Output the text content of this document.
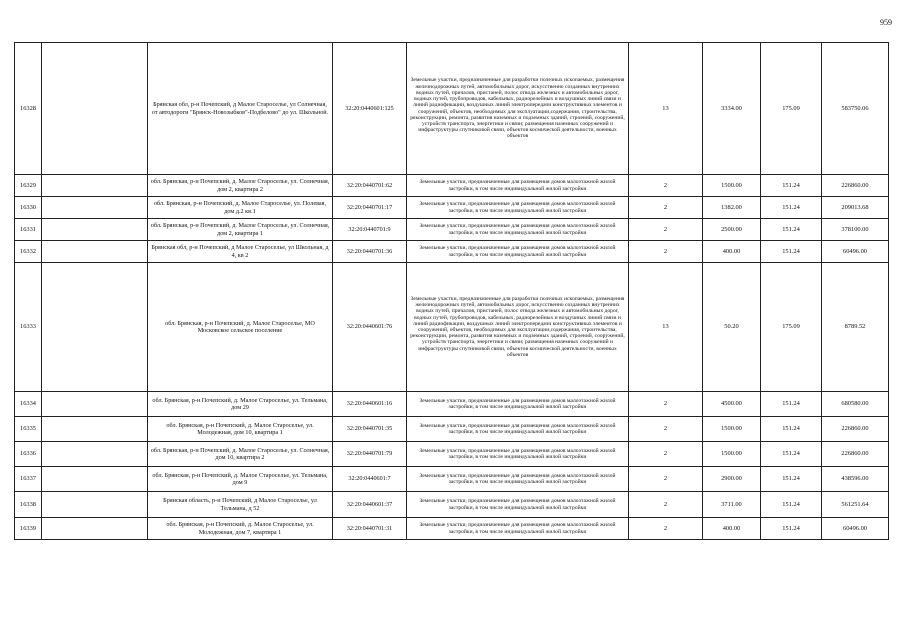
959
16328		Брянская обл, р-н Почепский, д Малое Старосельe, ул Солнечная, от автодороги "Брянск-Новозыбков"-Подбелово" до ул. Школьной.	32:20:0440601:125	Земельные участки, предназначенные для разработки полезных ископаемых, размещения железнодорожных путей, автомобильных дорог, искусственно созданных внутренних водных путей, причалов, пристаней, полос отвода железных и автомобильных дорог, водных путей, трубопроводов, кабельных, радиорелейных и воздушных линий связи и линий радиофикации, воздушных линий электропередачи конструктивных элементов и сооружений, объектов, необходимых для эксплуатации,содержания, строительства, реконструкции, ремонта, развития наземных и подземных зданий, строений, сооружений, устройств транспорта, энергетики и связи; размещения наземных сооружений и инфраструктуры спутниковой связи, объектов космической деятельности, военных объектов	13	3334.00	175.09	583750.06
16329		обл. Брянская, р-н Почепский, д. Малое Старосельe, ул. Солнечная, дом 2, квартира 2	32:20:0440701:62	Земельные участки, предназначенные для размещения домов малоэтажной жилой застройки, в том числе индивидуальной жилой застройки	2	1500.00	151.24	226860.00
16330		обл. Брянская, р-н Почепский, д. Малое Старосельe, ул. Полевая, дом д.2 кв.1	32:20:0440701:17	Земельные участки, предназначенные для размещения домов малоэтажной жилой застройки, в том числе индивидуальной жилой застройки	2	1382.00	151.24	209013.68
16331		обл. Брянская, р-н Почепский, д. Малое Старосельe, ул. Солнечная, дом 2, квартира 1	32:20:0440701:9	Земельные участки, предназначенные для размещения домов малоэтажной жилой застройки, в том числе индивидуальной жилой застройки	2	2500.00	151.24	378100.00
16332		Брянская обл, р-н Почепский, д Малое Старосельe, ул Школьная, д 4, кв 2	32:20:0440701:36	Земельные участки, предназначенные для размещения домов малоэтажной жилой застройки, в том числе индивидуальной жилой застройки	2	400.00	151.24	60496.00
16333		обл. Брянская, р-н Почепский, д. Малое Старосельe, МО Московское сельское поселение	32:20:0440601:76	Земельные участки, предназначенные для разработки полезных ископаемых, размещения железнодорожных путей, автомобильных дорог, искусственно созданных внутренних водных путей, причалов, пристаней, полос отвода железных и автомобильных дорог, водных путей, трубопроводов, кабельных, радиорелейных и воздушных линий связи и линий радиофикации, воздушных линий электропередачи конструктивных элементов и сооружений, объектов, необходимых для эксплуатации,содержания, строительства, реконструкции, ремонта, развития наземных и подземных зданий, строений, сооружений, устройств транспорта, энергетики и связи; размещения наземных сооружений и инфраструктуры спутниковой связи, объектов космической деятельности, военных объектов	13	50.20	175.09	8789.52
16334		обл. Брянская, р-н Почепский, д. Малое Старосельe, ул. Тельмана, дом 29	32:20:0440601:16	Земельные участки, предназначенные для размещения домов малоэтажной жилой застройки, в том числе индивидуальной жилой застройки	2	4500.00	151.24	680580.00
16335		обл. Брянская, р-н Почепский, д. Малое Старосельe, ул. Молодежная, дом 10, квартира 1	32:20:0440701:35	Земельные участки, предназначенные для размещения домов малоэтажной жилой застройки, в том числе индивидуальной жилой застройки	2	1500.00	151.24	226860.00
16336		обл. Брянская, р-н Почепский, д. Малое Старосельe, ул. Солнечная, дом 10, квартира 2	32:20:0440701:79	Земельные участки, предназначенные для размещения домов малоэтажной жилой застройки, в том числе индивидуальной жилой застройки	2	1500.00	151.24	226860.00
16337		обл. Брянская, р-н Почепский, д. Малое Старосельe, ул. Тельмана, дом 9	32:20:0440601:7	Земельные участки, предназначенные для размещения домов малоэтажной жилой застройки, в том числе индивидуальной жилой застройки	2	2900.00	151.24	438596.00
16338		Брянская область, р-н Почепский, д Малое Старосельe, ул Тельмана, д 52	32:20:0440601:37	Земельные участки, предназначенные для размещения домов малоэтажной жилой застройки, в том числе индивидуальной жилой застройки	2	3711.00	151.24	561251.64
16339		обл. Брянская, р-н Почепский, д. Малое Старосельe, ул. Молодежная, дом 7, квартира 1	32:20:0440701:31	Земельные участки, предназначенные для размещения домов малоэтажной жилой застройки, в том числе индивидуальной жилой застройки	2	400.00	151.24	60496.00
